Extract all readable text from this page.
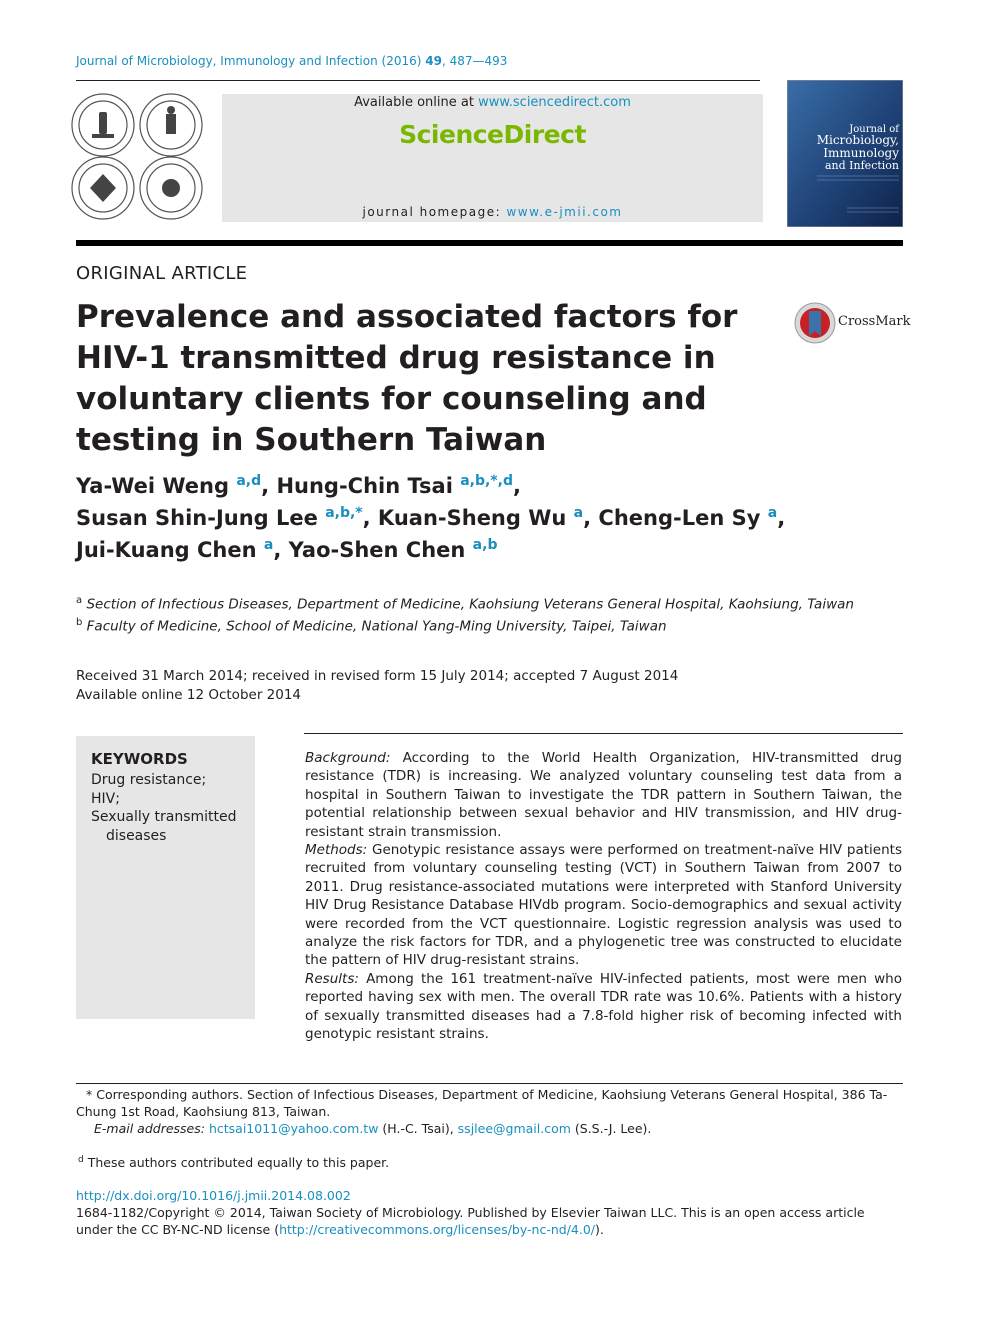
Journal of Microbiology, Immunology and Infection (2016) 49, 487—493
Available online at www.sciencedirect.com
ScienceDirect
journal homepage: www.e-jmii.com
Journal of
Microbiology,
Immunology
and Infection
ORIGINAL ARTICLE
Prevalence and associated factors for HIV-1 transmitted drug resistance in voluntary clients for counseling and testing in Southern Taiwan
CrossMark
Ya-Wei Weng $^{a,d}$, Hung-Chin Tsai $^{a,b,*,d}$,
Susan Shin-Jung Lee $^{a,b,*}$, Kuan-Sheng Wu $^a$, Cheng-Len Sy $^a$,
Jui-Kuang Chen $^a$, Yao-Shen Chen $^{a,b}$
$^a$ Section of Infectious Diseases, Department of Medicine, Kaohsiung Veterans General Hospital, Kaohsiung, Taiwan
$^b$ Faculty of Medicine, School of Medicine, National Yang-Ming University, Taipei, Taiwan
Received 31 March 2014; received in revised form 15 July 2014; accepted 7 August 2014
Available online 12 October 2014
KEYWORDS
Drug resistance;
HIV;
Sexually transmitted
diseases
Background: According to the World Health Organization, HIV-transmitted drug resistance (TDR) is increasing. We analyzed voluntary counseling test data from a hospital in Southern Taiwan to investigate the TDR pattern in Southern Taiwan, the potential relationship between sexual behavior and HIV transmission, and HIV drug-resistant strain transmission.
Methods: Genotypic resistance assays were performed on treatment-naïve HIV patients recruited from voluntary counseling testing (VCT) in Southern Taiwan from 2007 to 2011. Drug resistance-associated mutations were interpreted with Stanford University HIV Drug Resistance Database HIVdb program. Socio-demographics and sexual activity were recorded from the VCT questionnaire. Logistic regression analysis was used to analyze the risk factors for TDR, and a phylogenetic tree was constructed to elucidate the pattern of HIV drug-resistant strains.
Results: Among the 161 treatment-naïve HIV-infected patients, most were men who reported having sex with men. The overall TDR rate was 10.6%. Patients with a history of sexually transmitted diseases had a 7.8-fold higher risk of becoming infected with genotypic resistant strains.
* Corresponding authors. Section of Infectious Diseases, Department of Medicine, Kaohsiung Veterans General Hospital, 386 Ta-Chung 1st Road, Kaohsiung 813, Taiwan.
E-mail addresses: hctsai1011@yahoo.com.tw (H.-C. Tsai), ssjlee@gmail.com (S.S.-J. Lee).
$^d$ These authors contributed equally to this paper.
http://dx.doi.org/10.1016/j.jmii.2014.08.002
1684-1182/Copyright © 2014, Taiwan Society of Microbiology. Published by Elsevier Taiwan LLC. This is an open access article under the CC BY-NC-ND license (http://creativecommons.org/licenses/by-nc-nd/4.0/).
